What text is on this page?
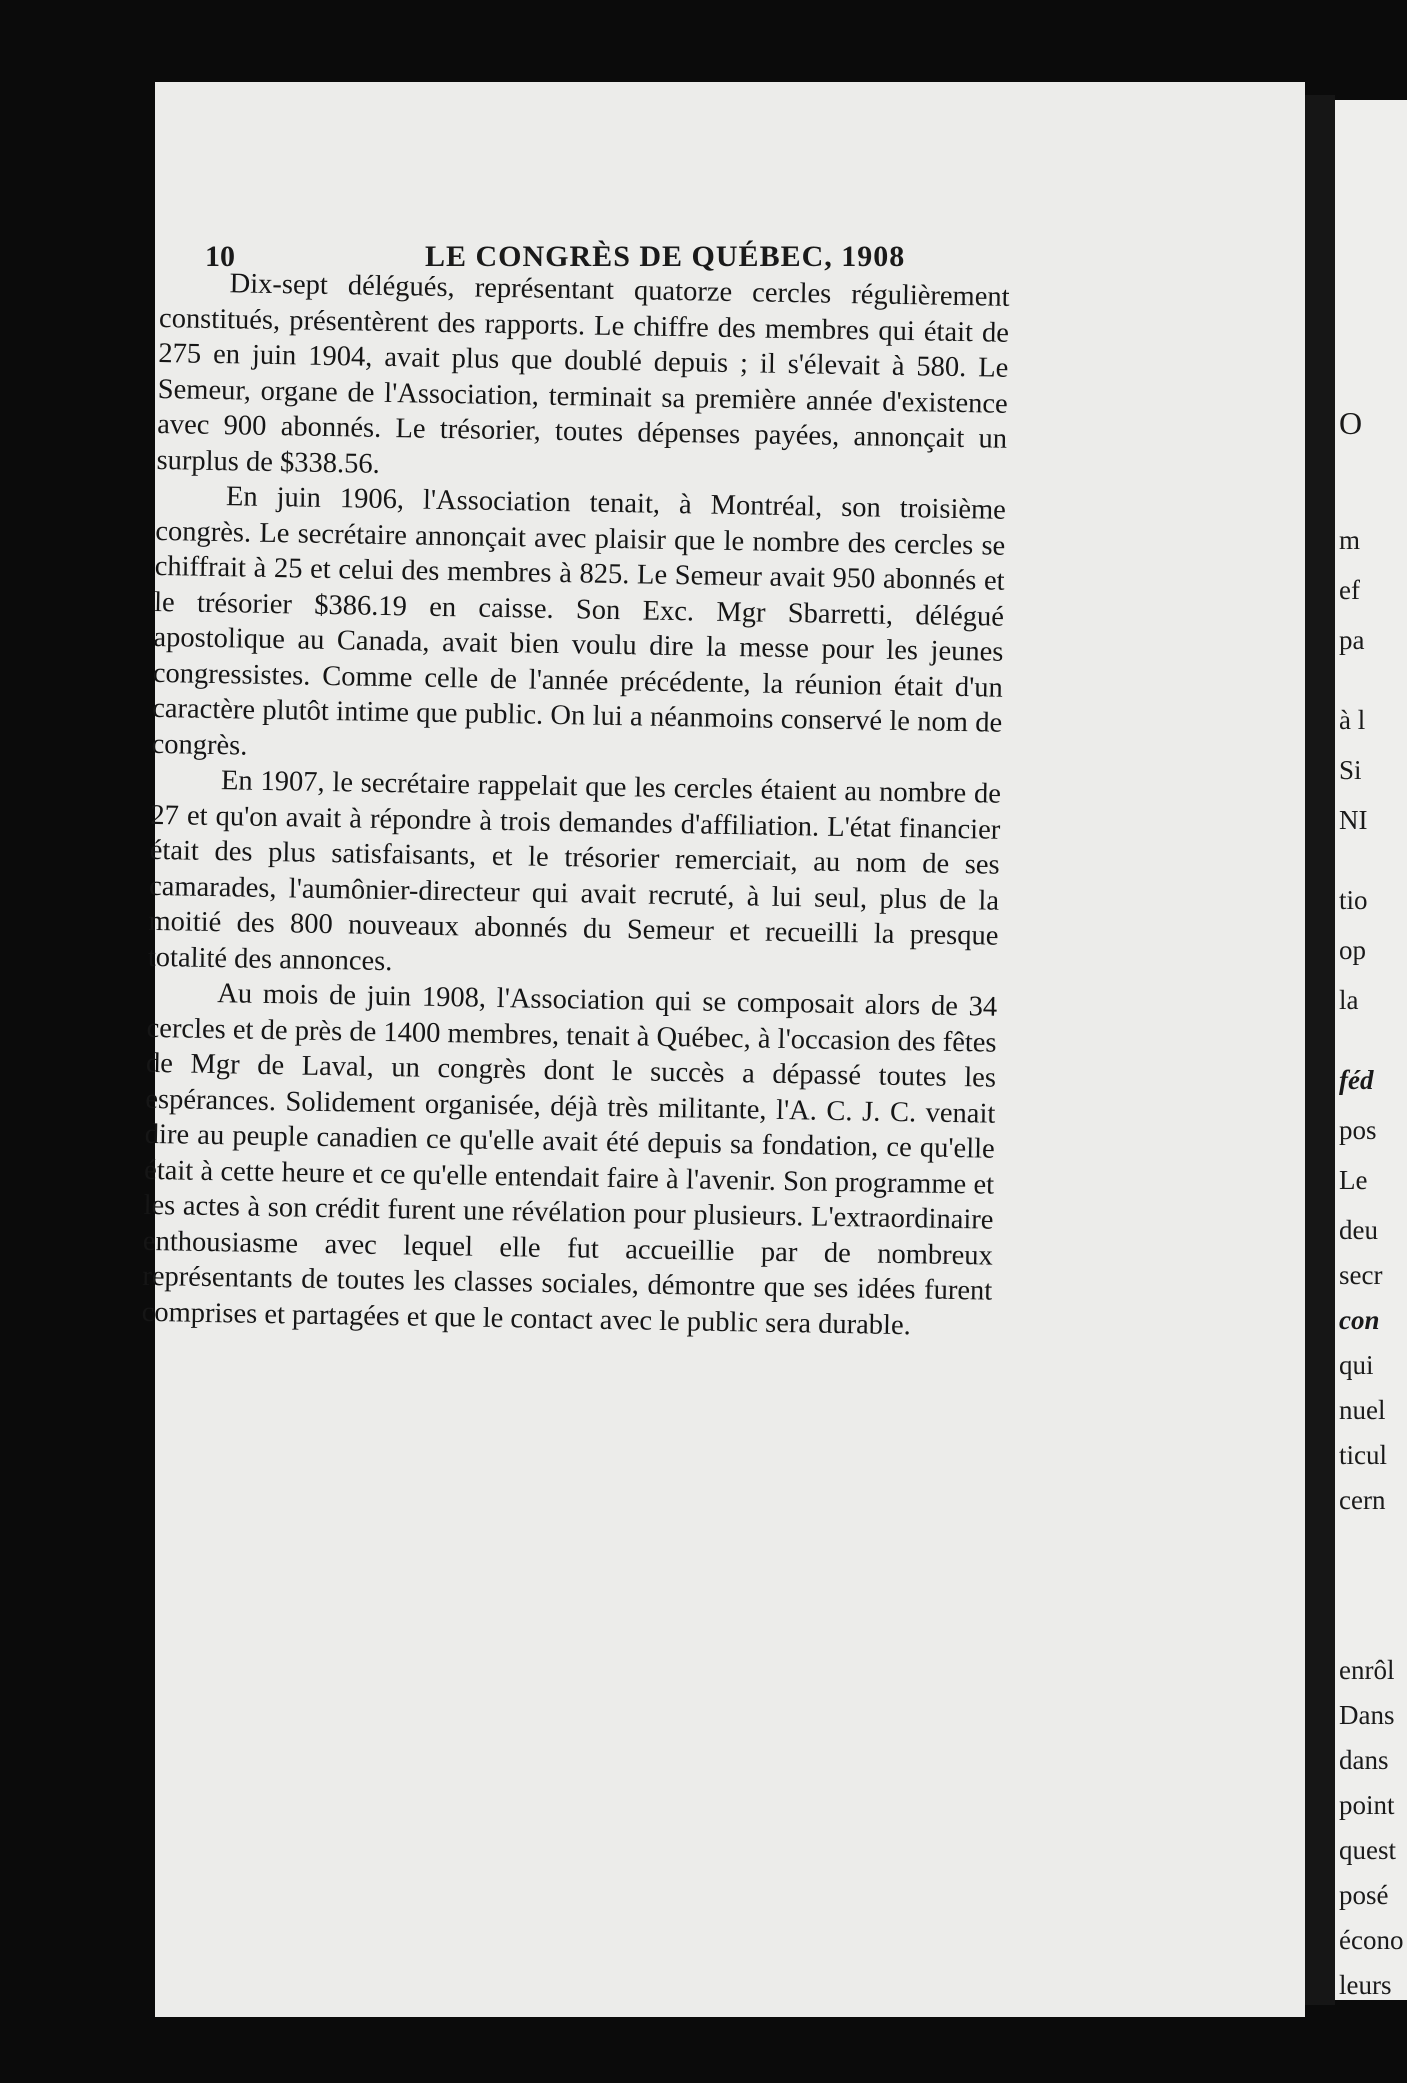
O
m
ef
pa
à l
Si
NI
tio
op
la
féd
pos
Le
deu
secr
con
qui
nuel
ticul
cern
enrôl
Dans
dans
point
quest
posé
écono
leurs
10	LE CONGRÈS DE QUÉBEC, 1908

Dix-sept délégués, représentant quatorze cercles régulièrement constitués, présentèrent des rapports. Le chiffre des membres qui était de 275 en juin 1904, avait plus que doublé depuis ; il s'élevait à 580. Le Semeur, organe de l'Association, terminait sa première année d'existence avec 900 abonnés. Le trésorier, toutes dépenses payées, annonçait un surplus de $338.56.

En juin 1906, l'Association tenait, à Montréal, son troisième congrès. Le secrétaire annonçait avec plaisir que le nombre des cercles se chiffrait à 25 et celui des membres à 825. Le Semeur avait 950 abonnés et le trésorier $386.19 en caisse. Son Exc. Mgr Sbarretti, délégué apostolique au Canada, avait bien voulu dire la messe pour les jeunes congressistes. Comme celle de l'année précédente, la réunion était d'un caractère plutôt intime que public. On lui a néanmoins conservé le nom de congrès.

En 1907, le secrétaire rappelait que les cercles étaient au nombre de 27 et qu'on avait à répondre à trois demandes d'affiliation. L'état financier était des plus satisfaisants, et le trésorier remerciait, au nom de ses camarades, l'aumônier-directeur qui avait recruté, à lui seul, plus de la moitié des 800 nouveaux abonnés du Semeur et recueilli la presque totalité des annonces.

Au mois de juin 1908, l'Association qui se composait alors de 34 cercles et de près de 1400 membres, tenait à Québec, à l'occasion des fêtes de Mgr de Laval, un congrès dont le succès a dépassé toutes les espérances. Solidement organisée, déjà très militante, l'A. C. J. C. venait dire au peuple canadien ce qu'elle avait été depuis sa fondation, ce qu'elle était à cette heure et ce qu'elle entendait faire à l'avenir. Son programme et les actes à son crédit furent une révélation pour plusieurs. L'extraordinaire enthousiasme avec lequel elle fut accueillie par de nombreux représentants de toutes les classes sociales, démontre que ses idées furent comprises et partagées et que le contact avec le public sera durable.
